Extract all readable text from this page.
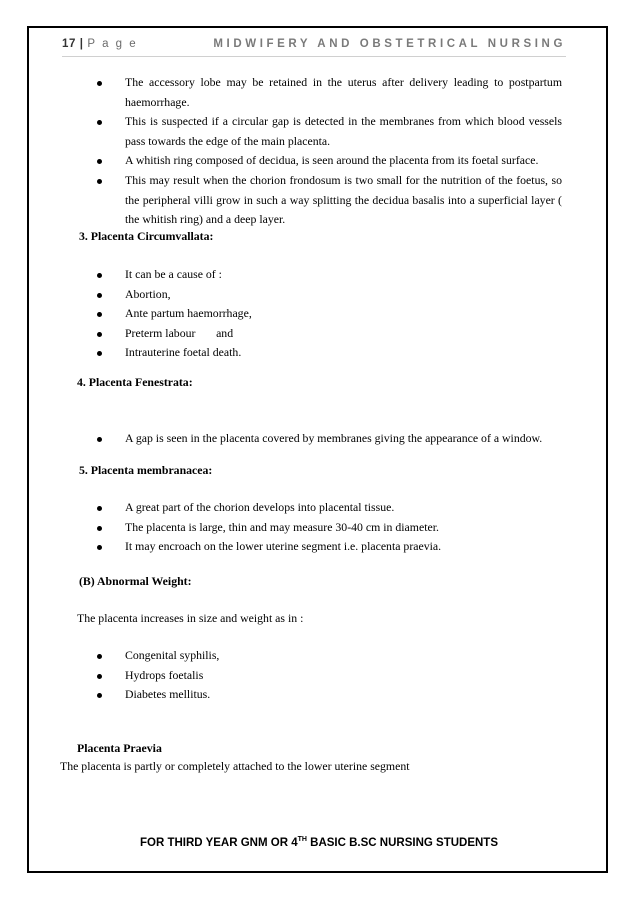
17 | P a g e	MIDWIFERY AND OBSTETRICAL NURSING
The accessory lobe may be retained in the uterus after delivery leading to postpartum haemorrhage.
This is suspected if a circular gap is detected in the membranes from which blood vessels pass towards the edge of the main placenta.
A whitish ring composed of decidua, is seen around the placenta from its foetal surface.
This may result when the chorion frondosum is two small for the nutrition of the foetus, so the peripheral villi grow in such a way splitting the decidua basalis into a superficial layer ( the whitish ring) and a deep layer.
3. Placenta Circumvallata:
It can be a cause of :
Abortion,
Ante partum haemorrhage,
Preterm labour       and
Intrauterine foetal death.
4. Placenta Fenestrata:
A gap is seen in the placenta covered by membranes giving the appearance of a window.
5. Placenta membranacea:
A great part of the chorion develops into placental tissue.
The placenta is large, thin and may measure 30-40 cm in diameter.
It may encroach on the lower uterine segment i.e. placenta praevia.
(B) Abnormal Weight:
The placenta increases in size and weight as in :
Congenital syphilis,
Hydrops foetalis
Diabetes mellitus.
Placenta Praevia
The placenta is partly or completely attached to the lower uterine segment
FOR THIRD YEAR GNM OR 4TH BASIC B.SC NURSING STUDENTS
